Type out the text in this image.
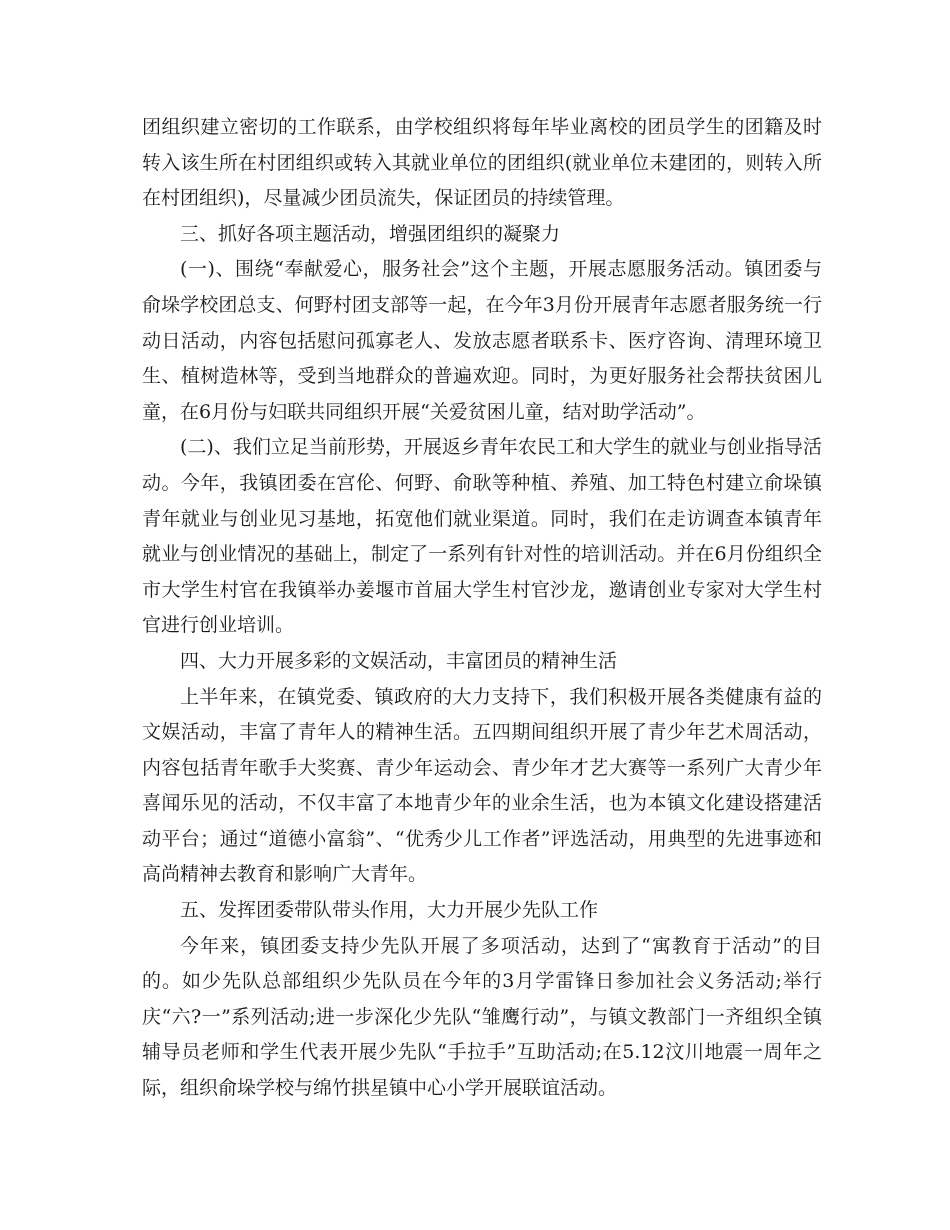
团组织建立密切的工作联系，由学校组织将每年毕业离校的团员学生的团籍及时转入该生所在村团组织或转入其就业单位的团组织(就业单位未建团的，则转入所在村团组织)，尽量减少团员流失，保证团员的持续管理。

三、抓好各项主题活动，增强团组织的凝聚力

(一)、围绕“奉献爱心，服务社会”这个主题，开展志愿服务活动。镇团委与俞垛学校团总支、何野村团支部等一起，在今年3月份开展青年志愿者服务统一行动日活动，内容包括慰问孤寡老人、发放志愿者联系卡、医疗咨询、清理环境卫生、植树造林等，受到当地群众的普遍欢迎。同时，为更好服务社会帮扶贫困儿童，在6月份与妇联共同组织开展“关爱贫困儿童，结对助学活动”。

(二)、我们立足当前形势，开展返乡青年农民工和大学生的就业与创业指导活动。今年，我镇团委在宫伦、何野、俞耿等种植、养殖、加工特色村建立俞垛镇青年就业与创业见习基地，拓宽他们就业渠道。同时，我们在走访调查本镇青年就业与创业情况的基础上，制定了一系列有针对性的培训活动。并在6月份组织全市大学生村官在我镇举办姜堰市首届大学生村官沙龙，邀请创业专家对大学生村官进行创业培训。

四、大力开展多彩的文娱活动，丰富团员的精神生活

上半年来，在镇党委、镇政府的大力支持下，我们积极开展各类健康有益的文娱活动，丰富了青年人的精神生活。五四期间组织开展了青少年艺术周活动，内容包括青年歌手大奖赛、青少年运动会、青少年才艺大赛等一系列广大青少年喜闻乐见的活动，不仅丰富了本地青少年的业余生活，也为本镇文化建设搭建活动平台；通过“道德小富翁”、“优秀少儿工作者”评选活动，用典型的先进事迹和高尚精神去教育和影响广大青年。

五、发挥团委带队带头作用，大力开展少先队工作

今年来，镇团委支持少先队开展了多项活动，达到了“寓教育于活动”的目的。如少先队总部组织少先队员在今年的3月学雷锋日参加社会义务活动;举行庆“六?一”系列活动;进一步深化少先队“雏鹰行动”，与镇文教部门一齐组织全镇辅导员老师和学生代表开展少先队“手拉手”互助活动;在5.12汶川地震一周年之际，组织俞垛学校与绵竹拱星镇中心小学开展联谊活动。
